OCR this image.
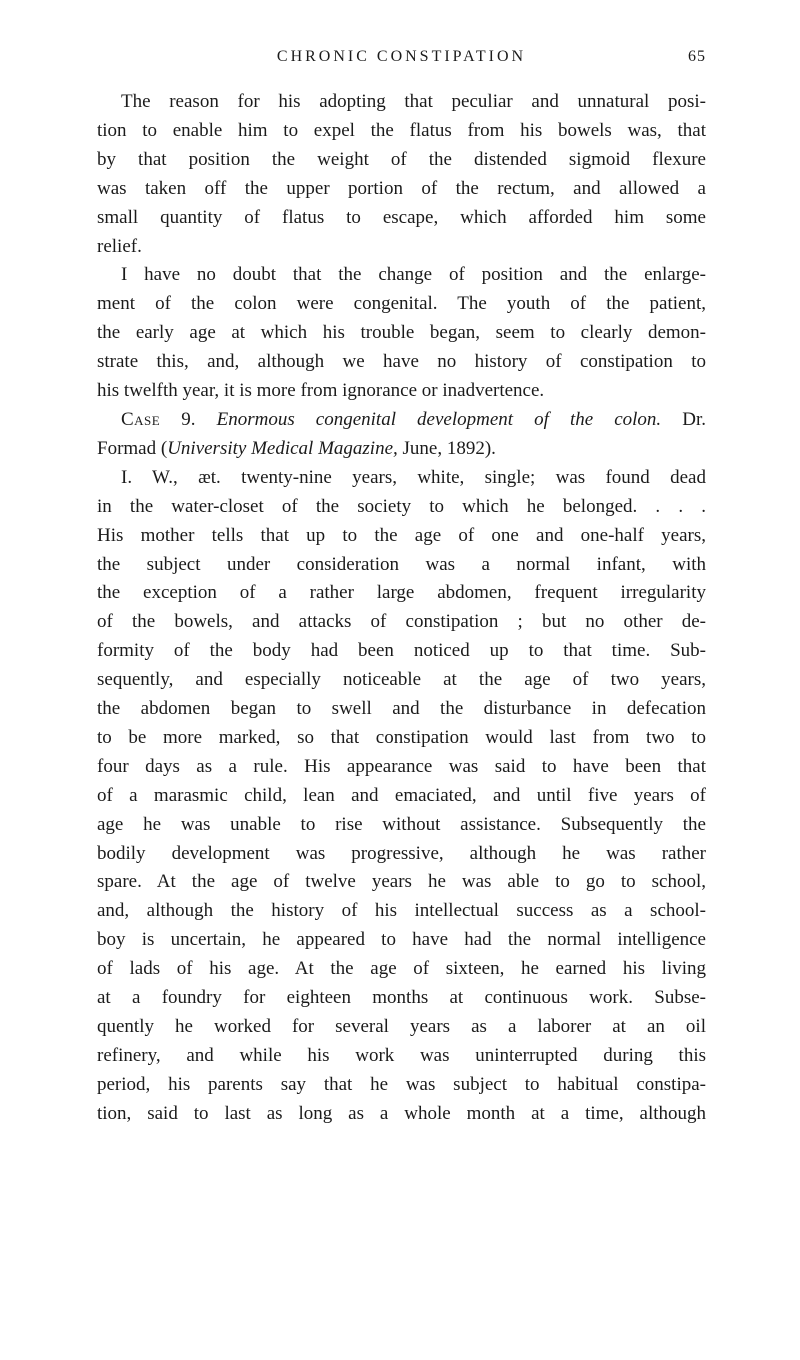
CHRONIC CONSTIPATION	65
The reason for his adopting that peculiar and unnatural posi-
tion to enable him to expel the flatus from his bowels was, that
by that position the weight of the distended sigmoid flexure
was taken off the upper portion of the rectum, and allowed a
small quantity of flatus to escape, which afforded him some
relief.
I have no doubt that the change of position and the enlarge-
ment of the colon were congenital. The youth of the patient,
the early age at which his trouble began, seem to clearly demon-
strate this, and, although we have no history of constipation to
his twelfth year, it is more from ignorance or inadvertence.
Case 9. Enormous congenital development of the colon. Dr.
Formad (University Medical Magazine, June, 1892).
I. W., æt. twenty-nine years, white, single; was found dead
in the water-closet of the society to which he belonged. . . .
His mother tells that up to the age of one and one-half years,
the subject under consideration was a normal infant, with
the exception of a rather large abdomen, frequent irregularity
of the bowels, and attacks of constipation ; but no other de-
formity of the body had been noticed up to that time. Sub-
sequently, and especially noticeable at the age of two years,
the abdomen began to swell and the disturbance in defecation
to be more marked, so that constipation would last from two to
four days as a rule. His appearance was said to have been that
of a marasmic child, lean and emaciated, and until five years of
age he was unable to rise without assistance. Subsequently the
bodily development was progressive, although he was rather
spare. At the age of twelve years he was able to go to school,
and, although the history of his intellectual success as a school-
boy is uncertain, he appeared to have had the normal intelligence
of lads of his age. At the age of sixteen, he earned his living
at a foundry for eighteen months at continuous work. Subse-
quently he worked for several years as a laborer at an oil
refinery, and while his work was uninterrupted during this
period, his parents say that he was subject to habitual constipa-
tion, said to last as long as a whole month at a time, although
